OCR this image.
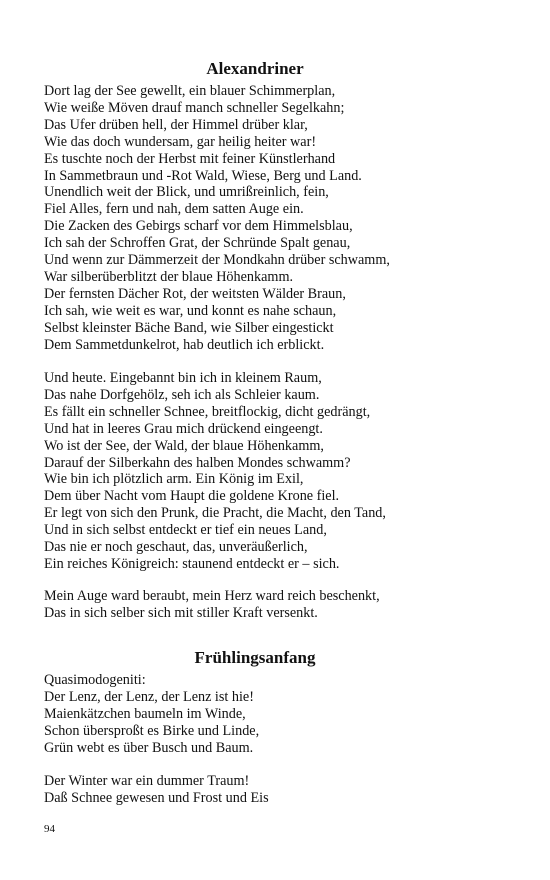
Alexandriner
Dort lag der See gewellt, ein blauer Schimmerplan,
Wie weiße Möven drauf manch schneller Segelkahn;
Das Ufer drüben hell, der Himmel drüber klar,
Wie das doch wundersam, gar heilig heiter war!
Es tuschte noch der Herbst mit feiner Künstlerhand
In Sammetbraun und -Rot Wald, Wiese, Berg und Land.
Unendlich weit der Blick, und umrißreinlich, fein,
Fiel Alles, fern und nah, dem satten Auge ein.
Die Zacken des Gebirgs scharf vor dem Himmelsblau,
Ich sah der Schroffen Grat, der Schründe Spalt genau,
Und wenn zur Dämmerzeit der Mondkahn drüber schwamm,
War silberüberblitzt der blaue Höhenkamm.
Der fernsten Dächer Rot, der weitsten Wälder Braun,
Ich sah, wie weit es war, und konnt es nahe schaun,
Selbst kleinster Bäche Band, wie Silber eingestickt
Dem Sammetdunkelrot, hab deutlich ich erblickt.
Und heute. Eingebannt bin ich in kleinem Raum,
Das nahe Dorfgehölz, seh ich als Schleier kaum.
Es fällt ein schneller Schnee, breitflockig, dicht gedrängt,
Und hat in leeres Grau mich drückend eingeengt.
Wo ist der See, der Wald, der blaue Höhenkamm,
Darauf der Silberkahn des halben Mondes schwamm?
Wie bin ich plötzlich arm. Ein König im Exil,
Dem über Nacht vom Haupt die goldene Krone fiel.
Er legt von sich den Prunk, die Pracht, die Macht, den Tand,
Und in sich selbst entdeckt er tief ein neues Land,
Das nie er noch geschaut, das, unveräußerlich,
Ein reiches Königreich: staunend entdeckt er – sich.
Mein Auge ward beraubt, mein Herz ward reich beschenkt,
Das in sich selber sich mit stiller Kraft versenkt.
Frühlingsanfang
Quasimodogeniti:
Der Lenz, der Lenz, der Lenz ist hie!
Maienkätzchen baumeln im Winde,
Schon übersproßt es Birke und Linde,
Grün webt es über Busch und Baum.
Der Winter war ein dummer Traum!
Daß Schnee gewesen und Frost und Eis
94
